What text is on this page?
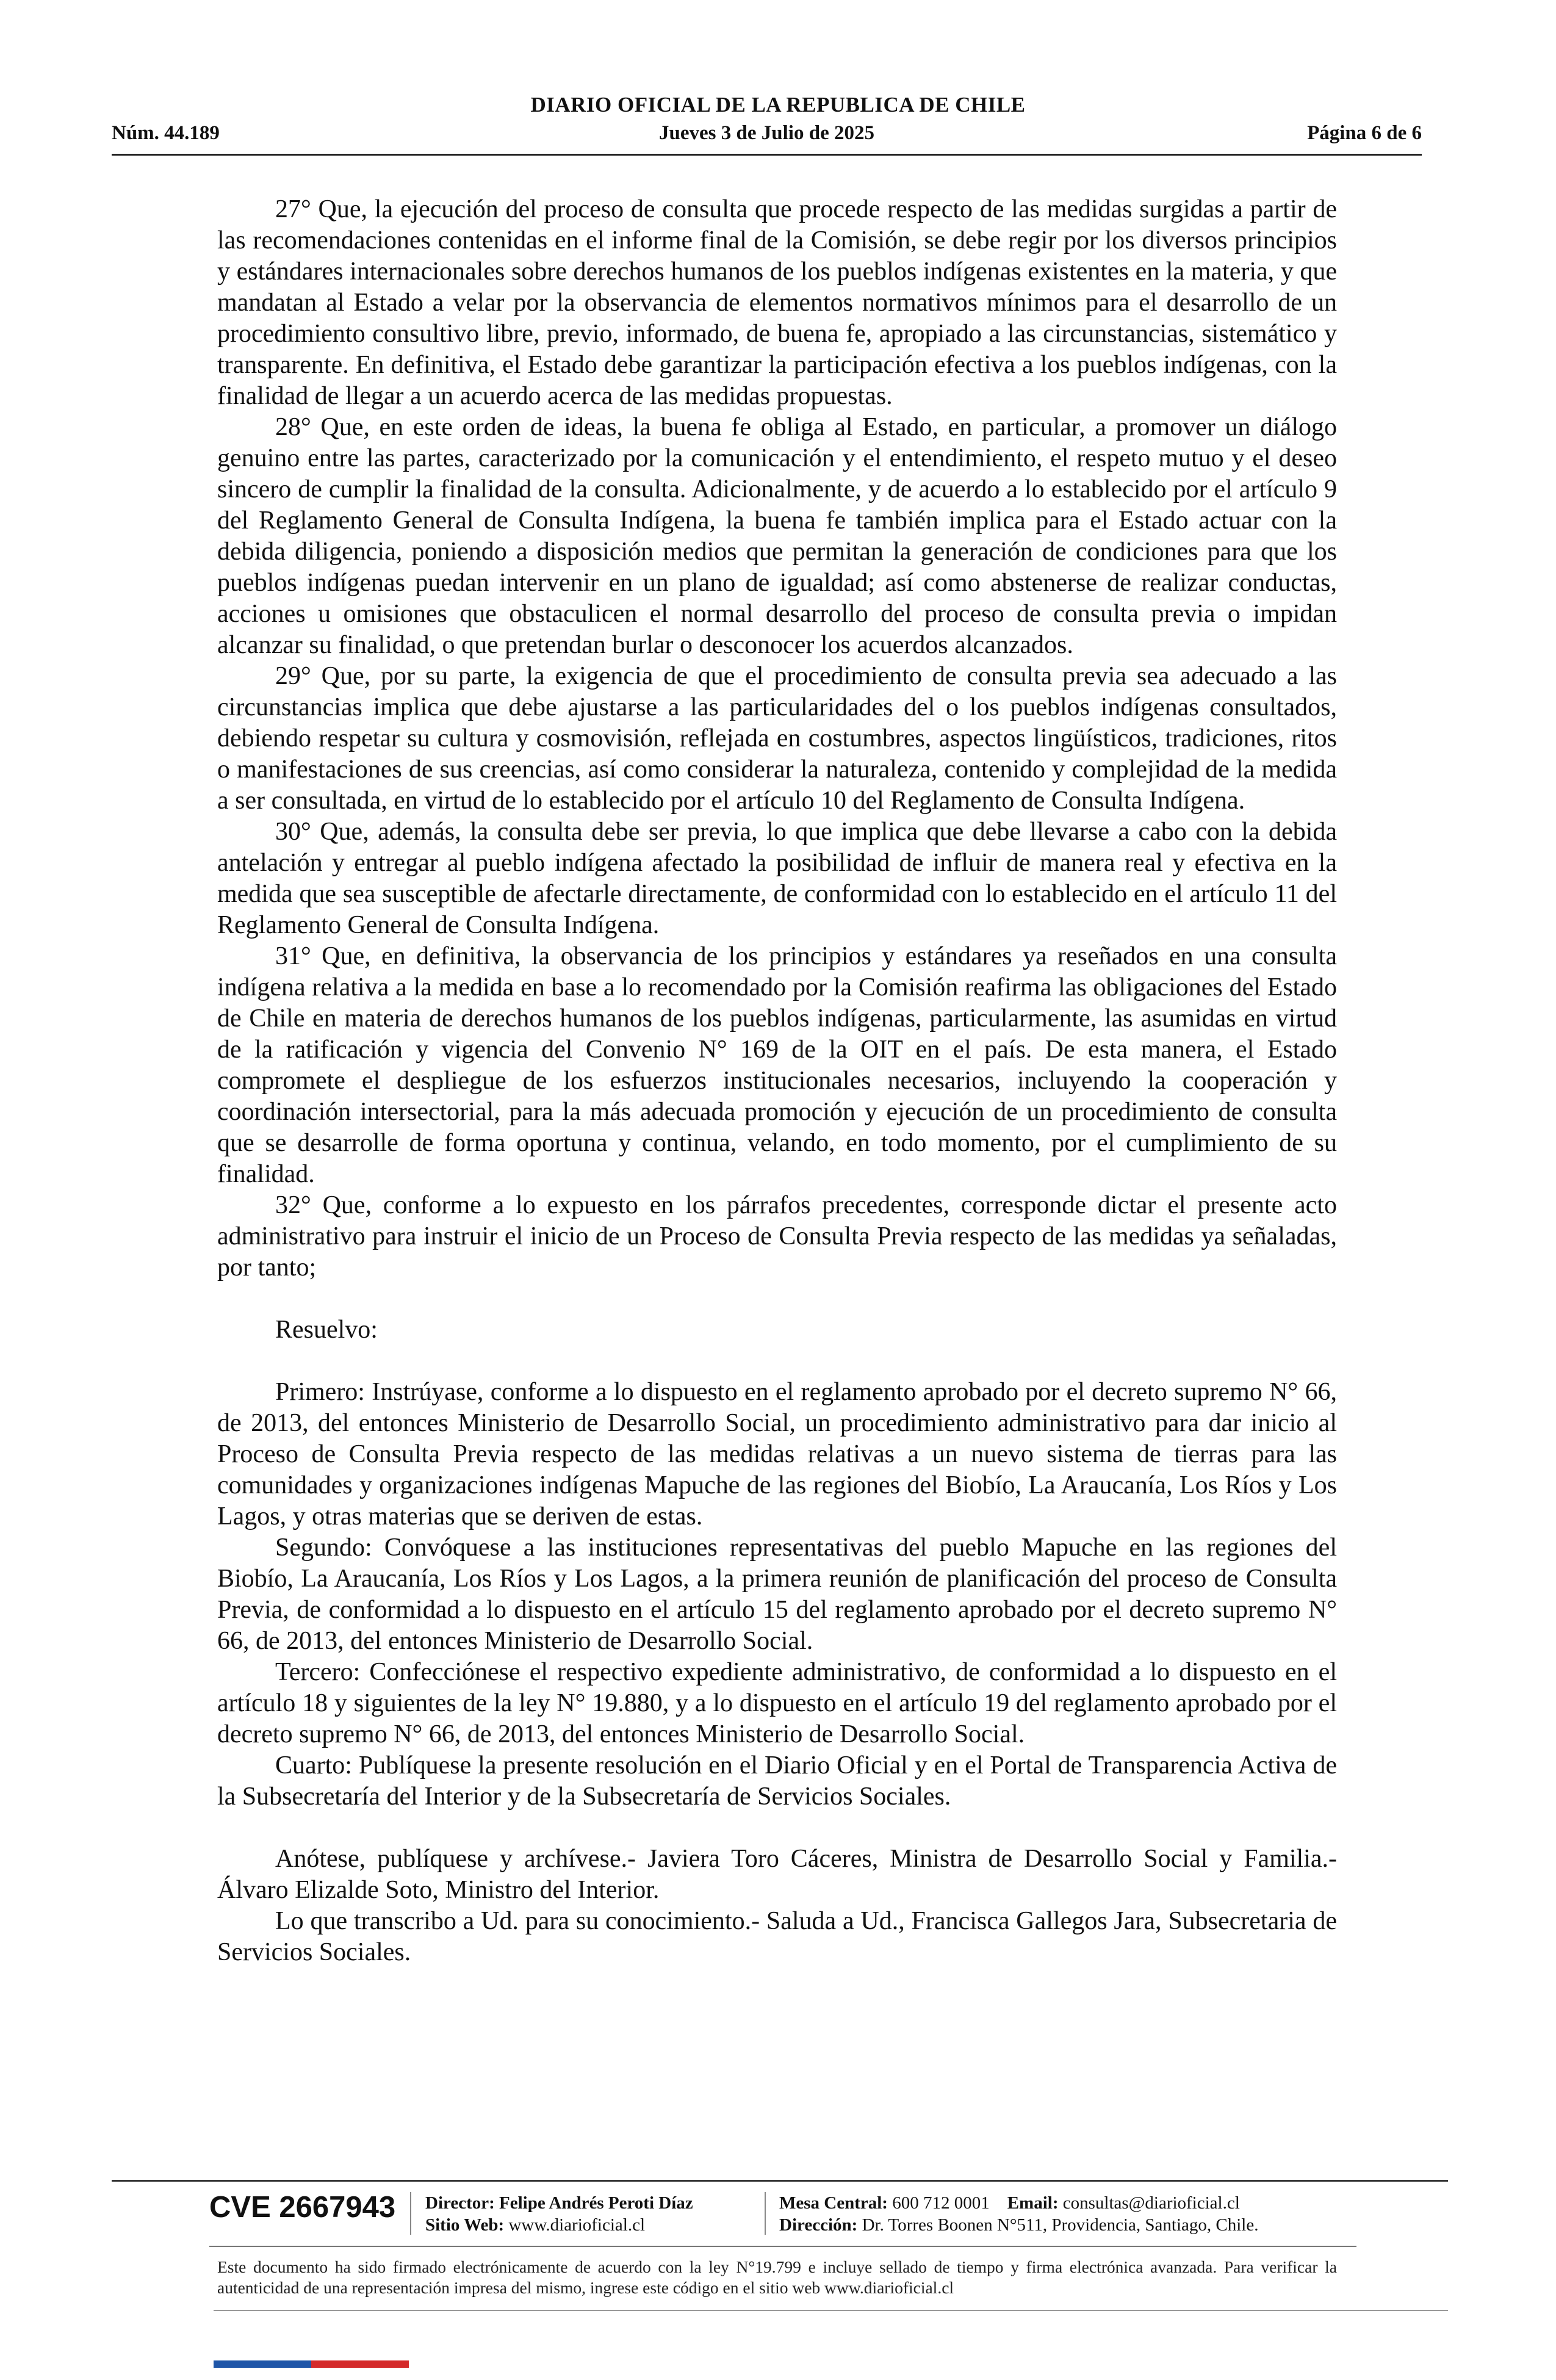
DIARIO OFICIAL DE LA REPUBLICA DE CHILE
Núm. 44.189	Jueves 3 de Julio de 2025	Página 6 de 6

27° Que, la ejecución del proceso de consulta que procede respecto de las medidas surgidas a partir de las recomendaciones contenidas en el informe final de la Comisión, se debe regir por los diversos principios y estándares internacionales sobre derechos humanos de los pueblos indígenas existentes en la materia, y que mandatan al Estado a velar por la observancia de elementos normativos mínimos para el desarrollo de un procedimiento consultivo libre, previo, informado, de buena fe, apropiado a las circunstancias, sistemático y transparente. En definitiva, el Estado debe garantizar la participación efectiva a los pueblos indígenas, con la finalidad de llegar a un acuerdo acerca de las medidas propuestas.

28° Que, en este orden de ideas, la buena fe obliga al Estado, en particular, a promover un diálogo genuino entre las partes, caracterizado por la comunicación y el entendimiento, el respeto mutuo y el deseo sincero de cumplir la finalidad de la consulta. Adicionalmente, y de acuerdo a lo establecido por el artículo 9 del Reglamento General de Consulta Indígena, la buena fe también implica para el Estado actuar con la debida diligencia, poniendo a disposición medios que permitan la generación de condiciones para que los pueblos indígenas puedan intervenir en un plano de igualdad; así como abstenerse de realizar conductas, acciones u omisiones que obstaculicen el normal desarrollo del proceso de consulta previa o impidan alcanzar su finalidad, o que pretendan burlar o desconocer los acuerdos alcanzados.

29° Que, por su parte, la exigencia de que el procedimiento de consulta previa sea adecuado a las circunstancias implica que debe ajustarse a las particularidades del o los pueblos indígenas consultados, debiendo respetar su cultura y cosmovisión, reflejada en costumbres, aspectos lingüísticos, tradiciones, ritos o manifestaciones de sus creencias, así como considerar la naturaleza, contenido y complejidad de la medida a ser consultada, en virtud de lo establecido por el artículo 10 del Reglamento de Consulta Indígena.

30° Que, además, la consulta debe ser previa, lo que implica que debe llevarse a cabo con la debida antelación y entregar al pueblo indígena afectado la posibilidad de influir de manera real y efectiva en la medida que sea susceptible de afectarle directamente, de conformidad con lo establecido en el artículo 11 del Reglamento General de Consulta Indígena.

31° Que, en definitiva, la observancia de los principios y estándares ya reseñados en una consulta indígena relativa a la medida en base a lo recomendado por la Comisión reafirma las obligaciones del Estado de Chile en materia de derechos humanos de los pueblos indígenas, particularmente, las asumidas en virtud de la ratificación y vigencia del Convenio N° 169 de la OIT en el país. De esta manera, el Estado compromete el despliegue de los esfuerzos institucionales necesarios, incluyendo la cooperación y coordinación intersectorial, para la más adecuada promoción y ejecución de un procedimiento de consulta que se desarrolle de forma oportuna y continua, velando, en todo momento, por el cumplimiento de su finalidad.

32° Que, conforme a lo expuesto en los párrafos precedentes, corresponde dictar el presente acto administrativo para instruir el inicio de un Proceso de Consulta Previa respecto de las medidas ya señaladas, por tanto;

Resuelvo:

Primero: Instrúyase, conforme a lo dispuesto en el reglamento aprobado por el decreto supremo N° 66, de 2013, del entonces Ministerio de Desarrollo Social, un procedimiento administrativo para dar inicio al Proceso de Consulta Previa respecto de las medidas relativas a un nuevo sistema de tierras para las comunidades y organizaciones indígenas Mapuche de las regiones del Biobío, La Araucanía, Los Ríos y Los Lagos, y otras materias que se deriven de estas.

Segundo: Convóquese a las instituciones representativas del pueblo Mapuche en las regiones del Biobío, La Araucanía, Los Ríos y Los Lagos, a la primera reunión de planificación del proceso de Consulta Previa, de conformidad a lo dispuesto en el artículo 15 del reglamento aprobado por el decreto supremo N° 66, de 2013, del entonces Ministerio de Desarrollo Social.

Tercero: Confecciónese el respectivo expediente administrativo, de conformidad a lo dispuesto en el artículo 18 y siguientes de la ley N° 19.880, y a lo dispuesto en el artículo 19 del reglamento aprobado por el decreto supremo N° 66, de 2013, del entonces Ministerio de Desarrollo Social.

Cuarto: Publíquese la presente resolución en el Diario Oficial y en el Portal de Transparencia Activa de la Subsecretaría del Interior y de la Subsecretaría de Servicios Sociales.

Anótese, publíquese y archívese.- Javiera Toro Cáceres, Ministra de Desarrollo Social y Familia.- Álvaro Elizalde Soto, Ministro del Interior.

Lo que transcribo a Ud. para su conocimiento.- Saluda a Ud., Francisca Gallegos Jara, Subsecretaria de Servicios Sociales.

CVE 2667943 Director: Felipe Andrés Peroti Díaz
Sitio Web: www.diarioficial.cl
Mesa Central: 600 712 0001 Email: consultas@diarioficial.cl
Dirección: Dr. Torres Boonen N°511, Providencia, Santiago, Chile.
Este documento ha sido firmado electrónicamente de acuerdo con la ley N°19.799 e incluye sellado de tiempo y firma electrónica avanzada. Para verificar la autenticidad de una representación impresa del mismo, ingrese este código en el sitio web www.diarioficial.cl
